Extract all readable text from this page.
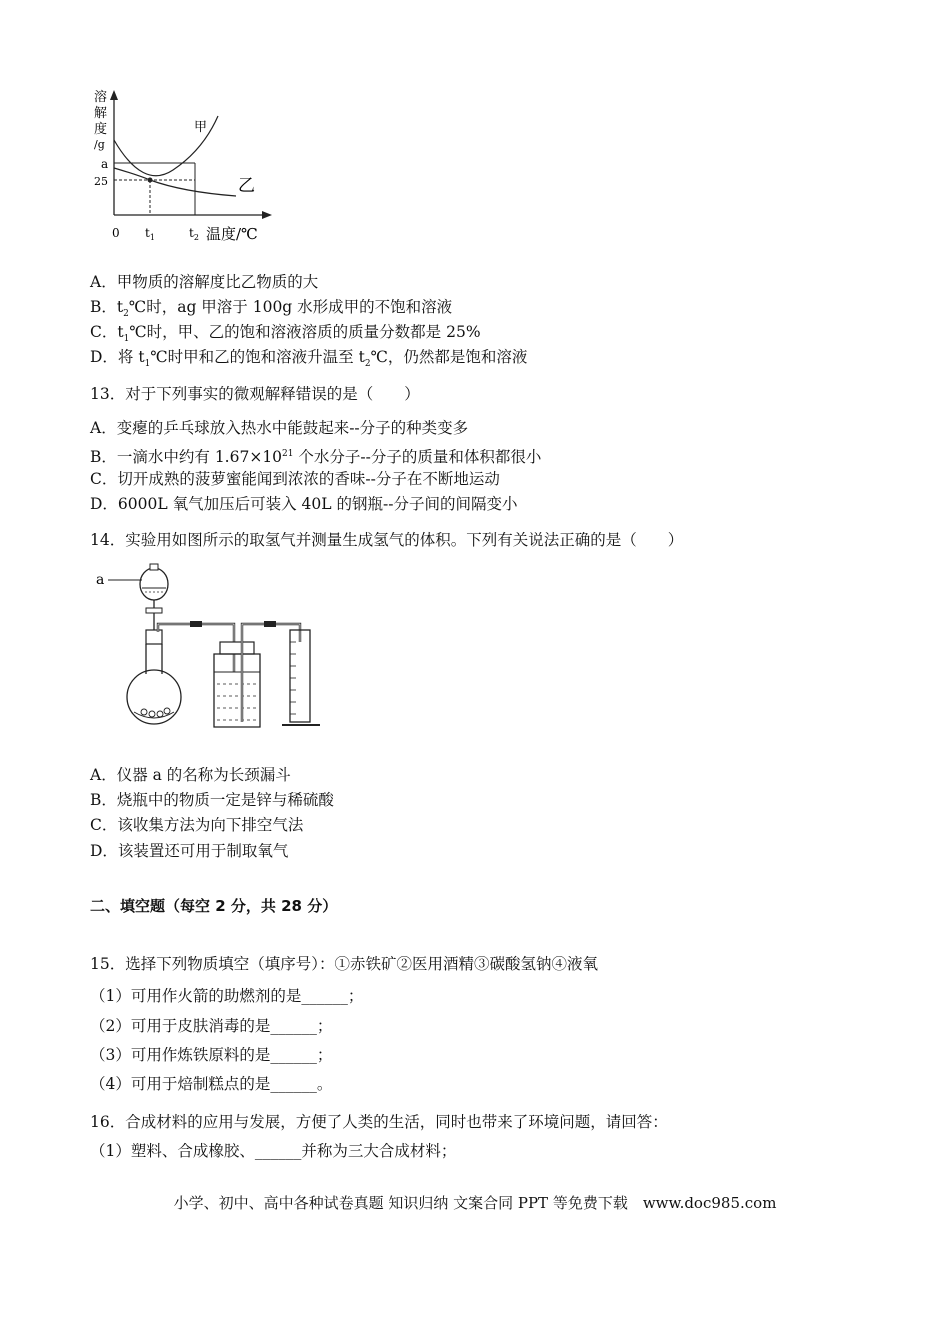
溶
解
度
/g
a
25
甲
乙
0 $t_1$	$t_2$ 温度/℃
A．甲物质的溶解度比乙物质的大
B．$t_2℃$时，ag 甲溶于 100g 水形成甲的不饱和溶液
C．$t_1℃$时，甲、乙的饱和溶液溶质的质量分数都是 25%
D．将 $t_1℃$时甲和乙的饱和溶液升温至 $t_2℃$，仍然都是饱和溶液
13．对于下列事实的微观解释错误的是（　　）
A．变瘪的乒乓球放入热水中能鼓起来--分子的种类变多
B．一滴水中约有 $1.67\times 10^{21}$ 个水分子--分子的质量和体积都很小
C．切开成熟的菠萝蜜能闻到浓浓的香味--分子在不断地运动
D．6000L 氧气加压后可装入 40L 的钢瓶--分子间的间隔变小
14．实验用如图所示的取氢气并测量生成氢气的体积。下列有关说法正确的是（　　）
a
A．仪器 a 的名称为长颈漏斗
B．烧瓶中的物质一定是锌与稀硫酸
C．该收集方法为向下排空气法
D．该装置还可用于制取氧气
二、填空题（每空 2 分，共 28 分）
15．选择下列物质填空（填序号）：①赤铁矿②医用酒精③碳酸氢钠④液氧
（1）可用作火箭的助燃剂的是______；
（2）可用于皮肤消毒的是______；
（3）可用作炼铁原料的是______；
（4）可用于焙制糕点的是______。
16．合成材料的应用与发展，方便了人类的生活，同时也带来了环境问题，请回答：
（1）塑料、合成橡胶、______并称为三大合成材料；
小学、初中、高中各种试卷真题 知识归纳 文案合同 PPT 等免费下载　www.doc985.com
